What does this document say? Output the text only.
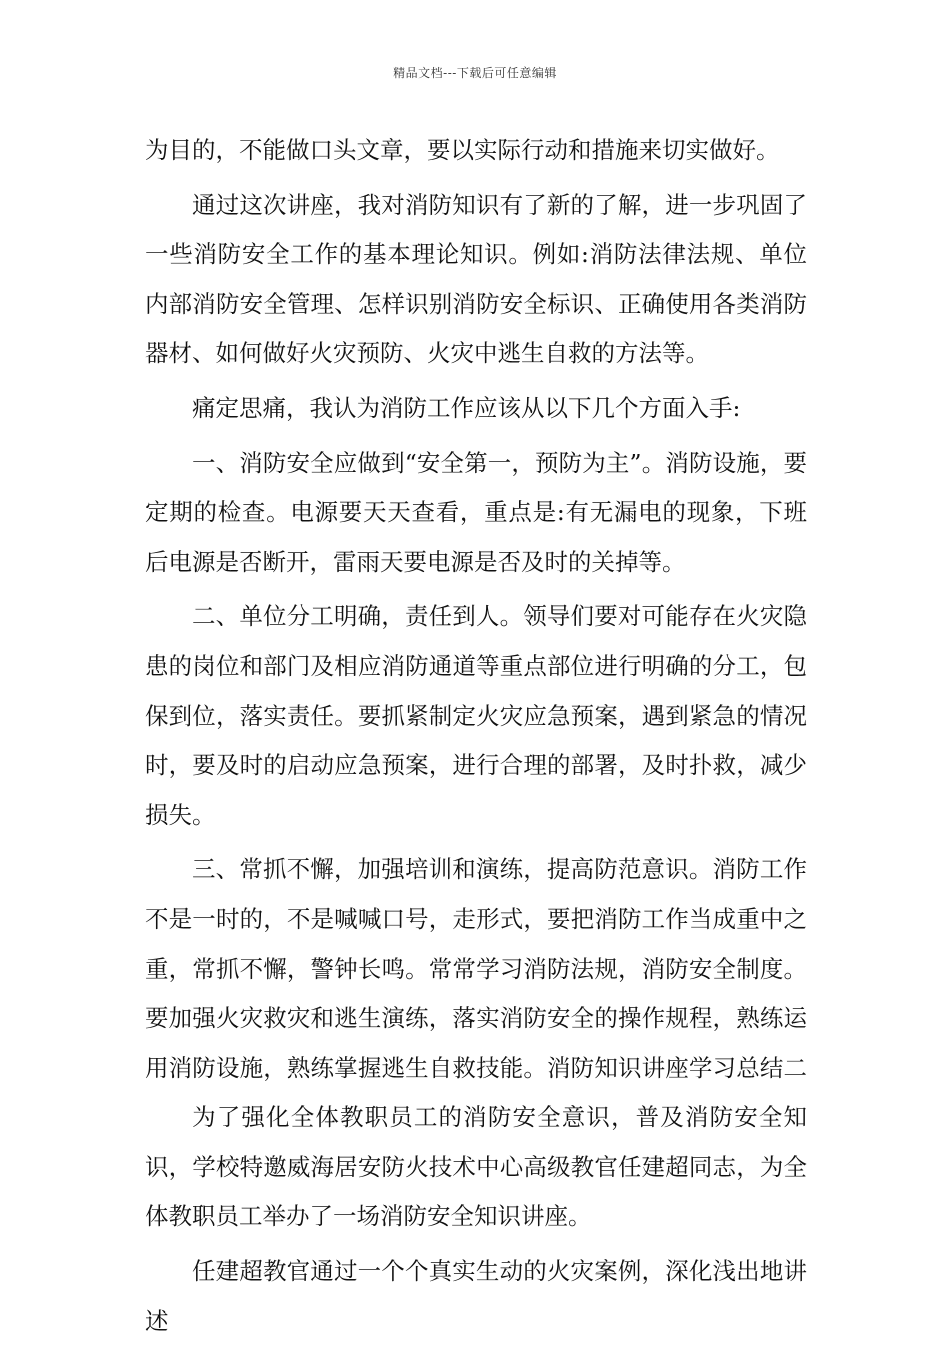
精品文档---下载后可任意编辑

为目的，不能做口头文章，要以实际行动和措施来切实做好。

通过这次讲座，我对消防知识有了新的了解，进一步巩固了一些消防安全工作的基本理论知识。例如:消防法律法规、单位内部消防安全管理、怎样识别消防安全标识、正确使用各类消防器材、如何做好火灾预防、火灾中逃生自救的方法等。

痛定思痛，我认为消防工作应该从以下几个方面入手:

一、消防安全应做到“安全第一，预防为主”。消防设施，要定期的检查。电源要天天查看，重点是:有无漏电的现象，下班后电源是否断开，雷雨天要电源是否及时的关掉等。

二、单位分工明确，责任到人。领导们要对可能存在火灾隐患的岗位和部门及相应消防通道等重点部位进行明确的分工，包保到位，落实责任。要抓紧制定火灾应急预案，遇到紧急的情况时，要及时的启动应急预案，进行合理的部署，及时扑救，减少损失。

三、常抓不懈，加强培训和演练，提高防范意识。消防工作不是一时的，不是喊喊口号，走形式，要把消防工作当成重中之重，常抓不懈，警钟长鸣。常常学习消防法规，消防安全制度。要加强火灾救灾和逃生演练，落实消防安全的操作规程，熟练运用消防设施，熟练掌握逃生自救技能。消防知识讲座学习总结二为了强化全体教职员工的消防安全意识，普及消防安全知识，学校特邀威海居安防火技术中心高级教官任建超同志，为全体教职员工举办了一场消防安全知识讲座。

任建超教官通过一个个真实生动的火灾案例，深化浅出地讲述
